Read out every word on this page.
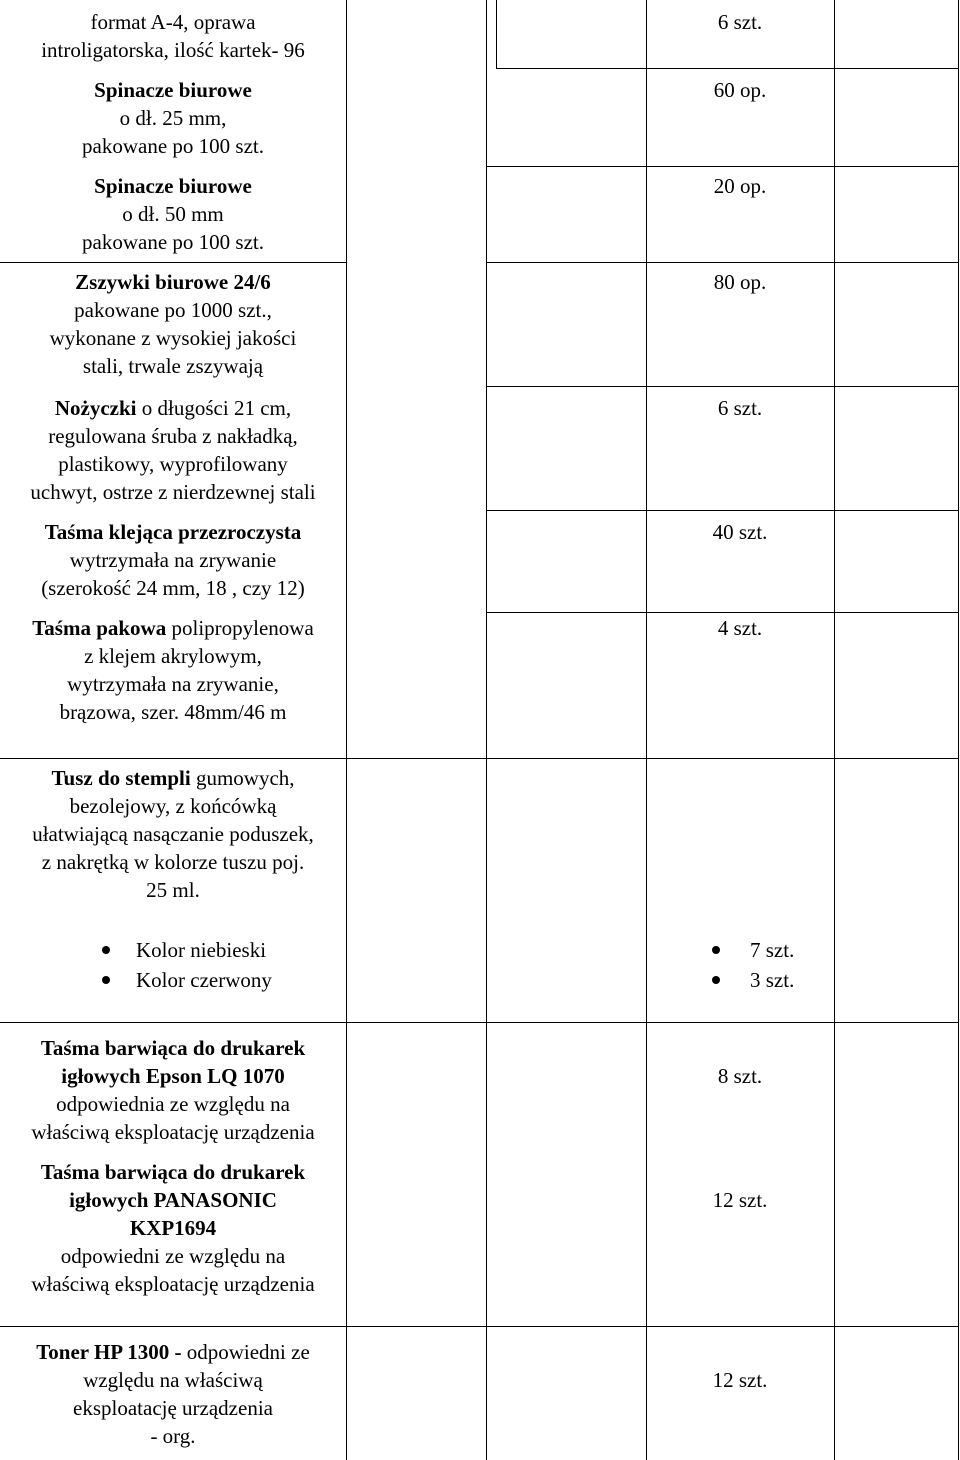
format A-4, oprawa
introligatorska, ilość kartek- 96
Spinacze biurowe
o dł. 25 mm,
pakowane po 100 szt.
Spinacze biurowe
o dł. 50 mm
pakowane po 100 szt.
Zszywki biurowe 24/6
pakowane po 1000 szt.,
wykonane z wysokiej jakości
stali, trwale zszywają
Nożyczki o długości 21 cm,
regulowana śruba z nakładką,
plastikowy, wyprofilowany
uchwyt, ostrze z nierdzewnej stali
Taśma klejąca przezroczysta
wytrzymała na zrywanie
(szerokość 24 mm, 18 , czy 12)
Taśma pakowa polipropylenowa
z klejem akrylowym,
wytrzymała na zrywanie,
brązowa, szer. 48mm/46 m
Tusz do stempli gumowych,
bezolejowy, z końcówką
ułatwiającą nasączanie poduszek,
z nakrętką w kolorze tuszu poj.
25 ml.
Taśma barwiąca do drukarek
igłowych Epson LQ 1070
odpowiednia ze względu na
właściwą eksploatację urządzenia
Taśma barwiąca do drukarek
igłowych PANASONIC
KXP1694
odpowiedni ze względu na
właściwą eksploatację urządzenia
Toner HP 1300 - odpowiedni ze
względu na właściwą
eksploatację urządzenia
- org.
6 szt.
60 op.
20 op.
80 op.
6 szt.
40 szt.
4 szt.
8 szt.
12 szt.
12 szt.
Kolor niebieski
Kolor czerwony
7 szt.
3 szt.
